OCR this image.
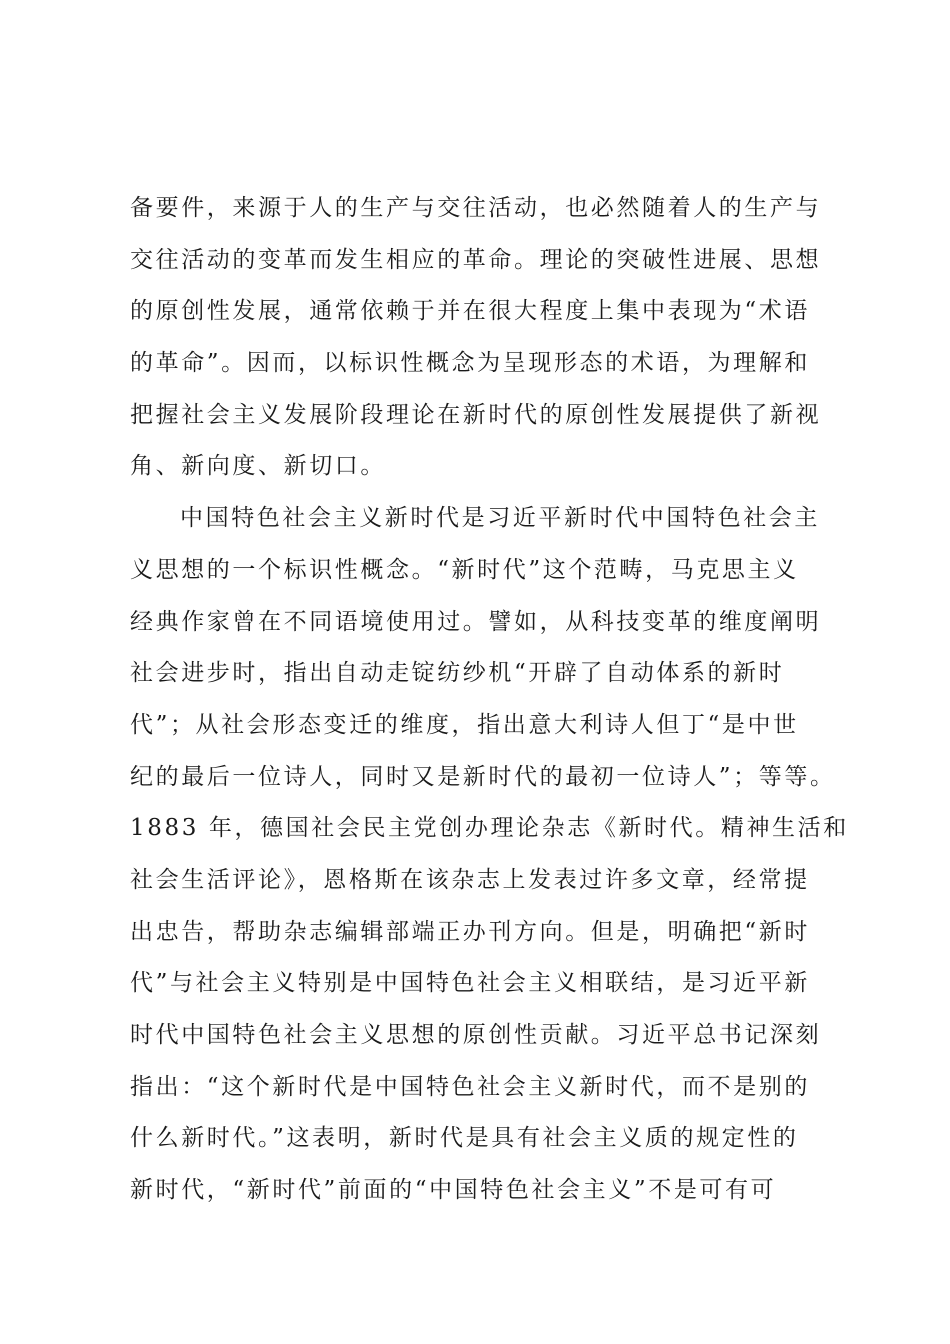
备要件，来源于人的生产与交往活动，也必然随着人的生产与
交往活动的变革而发生相应的革命。理论的突破性进展、思想
的原创性发展，通常依赖于并在很大程度上集中表现为“术语
的革命”。因而，以标识性概念为呈现形态的术语，为理解和
把握社会主义发展阶段理论在新时代的原创性发展提供了新视
角、新向度、新切口。
中国特色社会主义新时代是习近平新时代中国特色社会主
义思想的一个标识性概念。“新时代”这个范畴，马克思主义
经典作家曾在不同语境使用过。譬如，从科技变革的维度阐明
社会进步时，指出自动走锭纺纱机“开辟了自动体系的新时
代”；从社会形态变迁的维度，指出意大利诗人但丁“是中世
纪的最后一位诗人，同时又是新时代的最初一位诗人”；等等。
1883 年，德国社会民主党创办理论杂志《新时代。精神生活和
社会生活评论》，恩格斯在该杂志上发表过许多文章，经常提
出忠告，帮助杂志编辑部端正办刊方向。但是，明确把“新时
代”与社会主义特别是中国特色社会主义相联结，是习近平新
时代中国特色社会主义思想的原创性贡献。习近平总书记深刻
指出：“这个新时代是中国特色社会主义新时代，而不是别的
什么新时代。”这表明，新时代是具有社会主义质的规定性的
新时代，“新时代”前面的“中国特色社会主义”不是可有可
